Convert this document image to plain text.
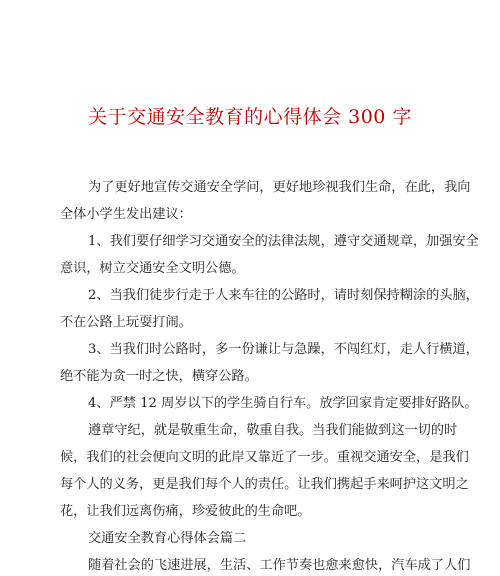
关于交通安全教育的心得体会 300 字
为了更好地宣传交通安全学问，更好地珍视我们生命，在此，我向
全体小学生发出建议：
1、我们要仔细学习交通安全的法律法规，遵守交通规章，加强安全
意识，树立交通安全文明公德。
2、当我们徒步行走于人来车往的公路时，请时刻保持糊涂的头脑，
不在公路上玩耍打闹。
3、当我们时公路时，多一份谦让与急躁，不闯红灯，走人行横道，
绝不能为贪一时之快，横穿公路。
4、严禁 12 周岁以下的学生骑自行车。放学回家肯定要排好路队。
遵章守纪，就是敬重生命，敬重自我。当我们能做到这一切的时
候，我们的社会便向文明的此岸又靠近了一步。重视交通安全，是我们
每个人的义务，更是我们每个人的责任。让我们携起手来呵护这文明之
花，让我们远离伤痛，珍爱彼此的生命吧。
交通安全教育心得体会篇二
随着社会的飞速进展，生活、工作节奏也愈来愈快，汽车成了人们
